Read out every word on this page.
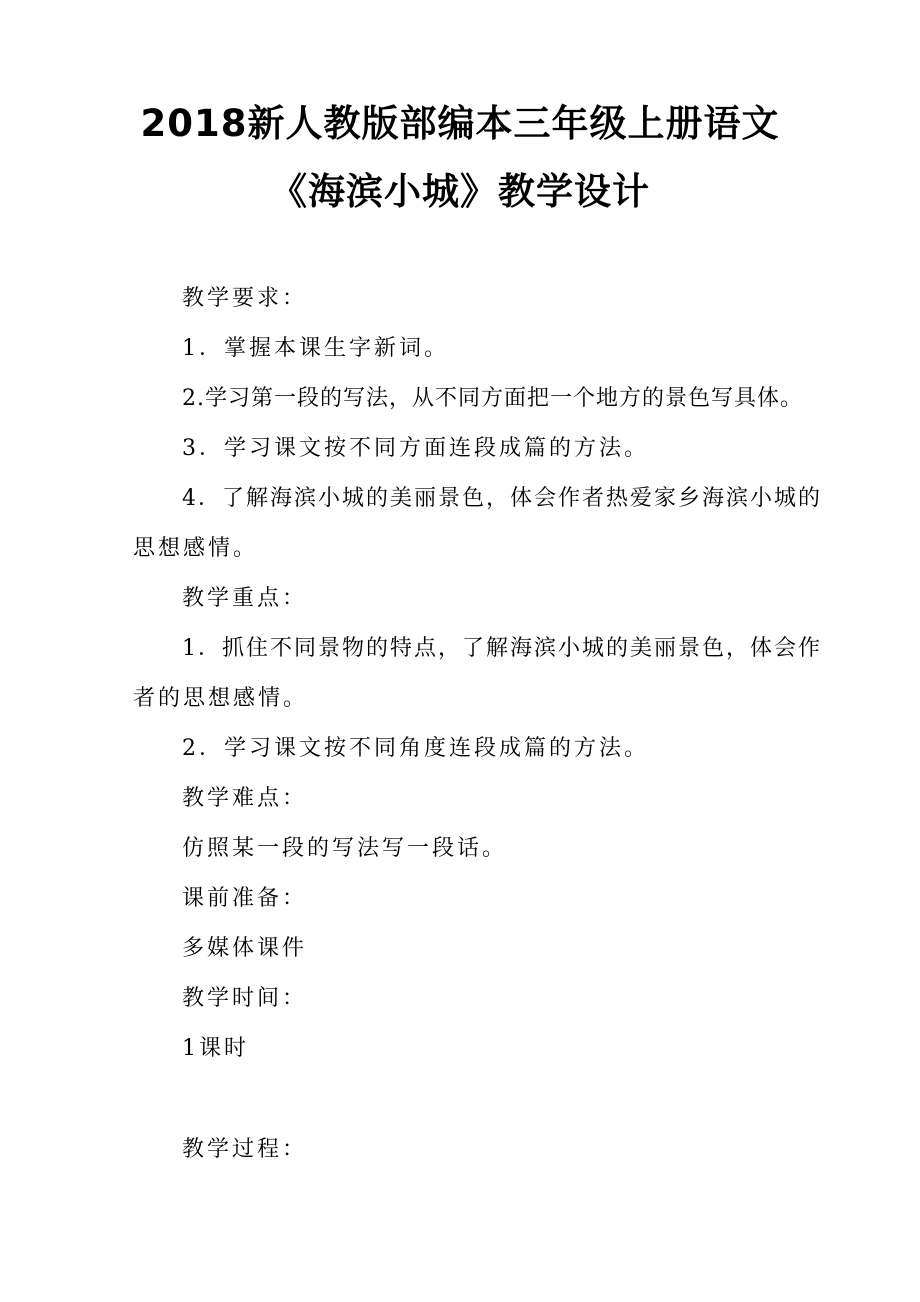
2018新人教版部编本三年级上册语文
《海滨小城》教学设计
教学要求：
1．掌握本课生字新词。
2.学习第一段的写法，从不同方面把一个地方的景色写具体。
3．学习课文按不同方面连段成篇的方法。
4．了解海滨小城的美丽景色，体会作者热爱家乡海滨小城的
思想感情。
教学重点：
1．抓住不同景物的特点，了解海滨小城的美丽景色，体会作
者的思想感情。
2．学习课文按不同角度连段成篇的方法。
教学难点：
仿照某一段的写法写一段话。
课前准备：
多媒体课件
教学时间：
1课时
教学过程：
